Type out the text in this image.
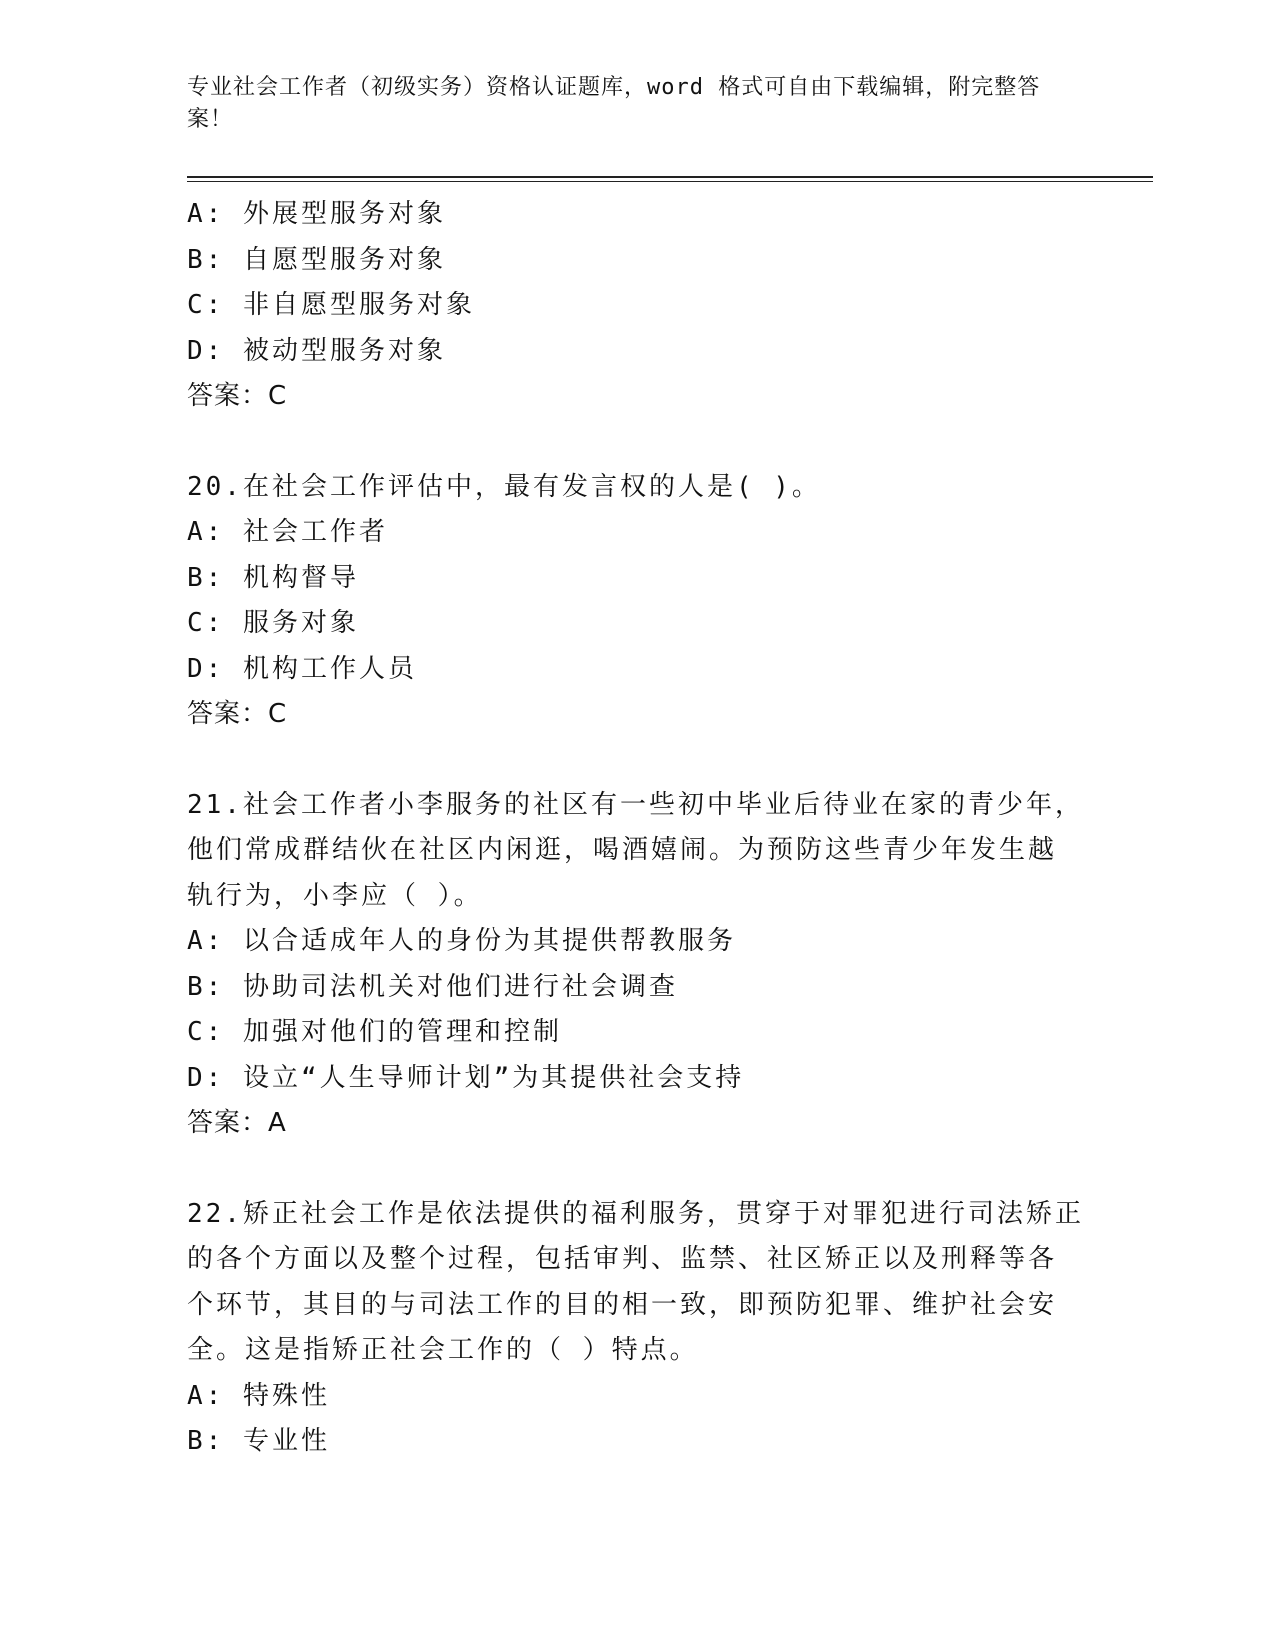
专业社会工作者（初级实务）资格认证题库，word 格式可自由下载编辑，附完整答案！
A: 外展型服务对象
B: 自愿型服务对象
C: 非自愿型服务对象
D: 被动型服务对象
答案：C
20.在社会工作评估中，最有发言权的人是( )。
A: 社会工作者
B: 机构督导
C: 服务对象
D: 机构工作人员
答案：C
21.社会工作者小李服务的社区有一些初中毕业后待业在家的青少年，
他们常成群结伙在社区内闲逛，喝酒嬉闹。为预防这些青少年发生越
轨行为，小李应（ ）。
A: 以合适成年人的身份为其提供帮教服务
B: 协助司法机关对他们进行社会调查
C: 加强对他们的管理和控制
D: 设立“人生导师计划”为其提供社会支持
答案：A
22.矫正社会工作是依法提供的福利服务，贯穿于对罪犯进行司法矫正
的各个方面以及整个过程，包括审判、监禁、社区矫正以及刑释等各
个环节，其目的与司法工作的目的相一致，即预防犯罪、维护社会安
全。这是指矫正社会工作的（ ）特点。
A: 特殊性
B: 专业性
